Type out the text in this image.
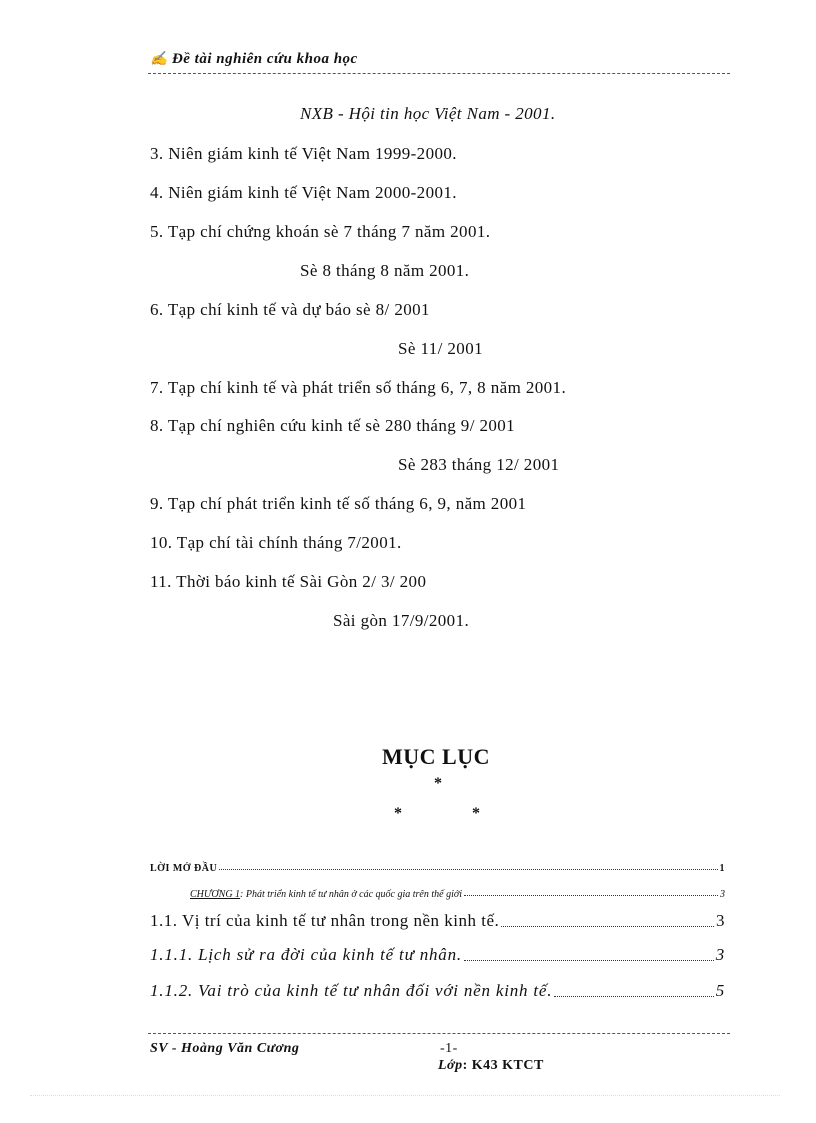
✍ Đề tài nghiên cứu khoa học
NXB - Hội tin học Việt Nam - 2001.
3. Niên giám kinh tế Việt Nam 1999-2000.
4. Niên giám kinh tế Việt Nam 2000-2001.
5. Tạp chí chứng khoán sè 7 tháng 7 năm 2001.
Sè 8 tháng 8 năm 2001.
6. Tạp chí kinh tế và dự báo sè 8/ 2001
Sè 11/ 2001
7. Tạp chí kinh tế và phát triển số tháng 6, 7, 8 năm 2001.
8. Tạp chí nghiên cứu kinh tế sè 280 tháng 9/ 2001
Sè 283 tháng 12/ 2001
9. Tạp chí phát triển kinh tế số tháng 6, 9, năm 2001
10. Tạp chí tài chính tháng 7/2001.
11. Thời báo kinh tế Sài Gòn 2/ 3/ 200
Sài gòn 17/9/2001.
MỤC LỤC
*
*	*
LỜI MỞ ĐẦU	1
CHƯƠNG 1: Phát triển kinh tế tư nhân ở các quốc gia trên thế giới	3
1.1. Vị trí của kinh tế tư nhân trong nền kinh tế.	3
1.1.1. Lịch sử ra đời của kinh tế tư nhân.	3
1.1.2. Vai trò của kinh tế tư nhân đối với nền kinh tế.	5
SV - Hoàng Văn Cương	-1-
Lớp: K43 KTCT
